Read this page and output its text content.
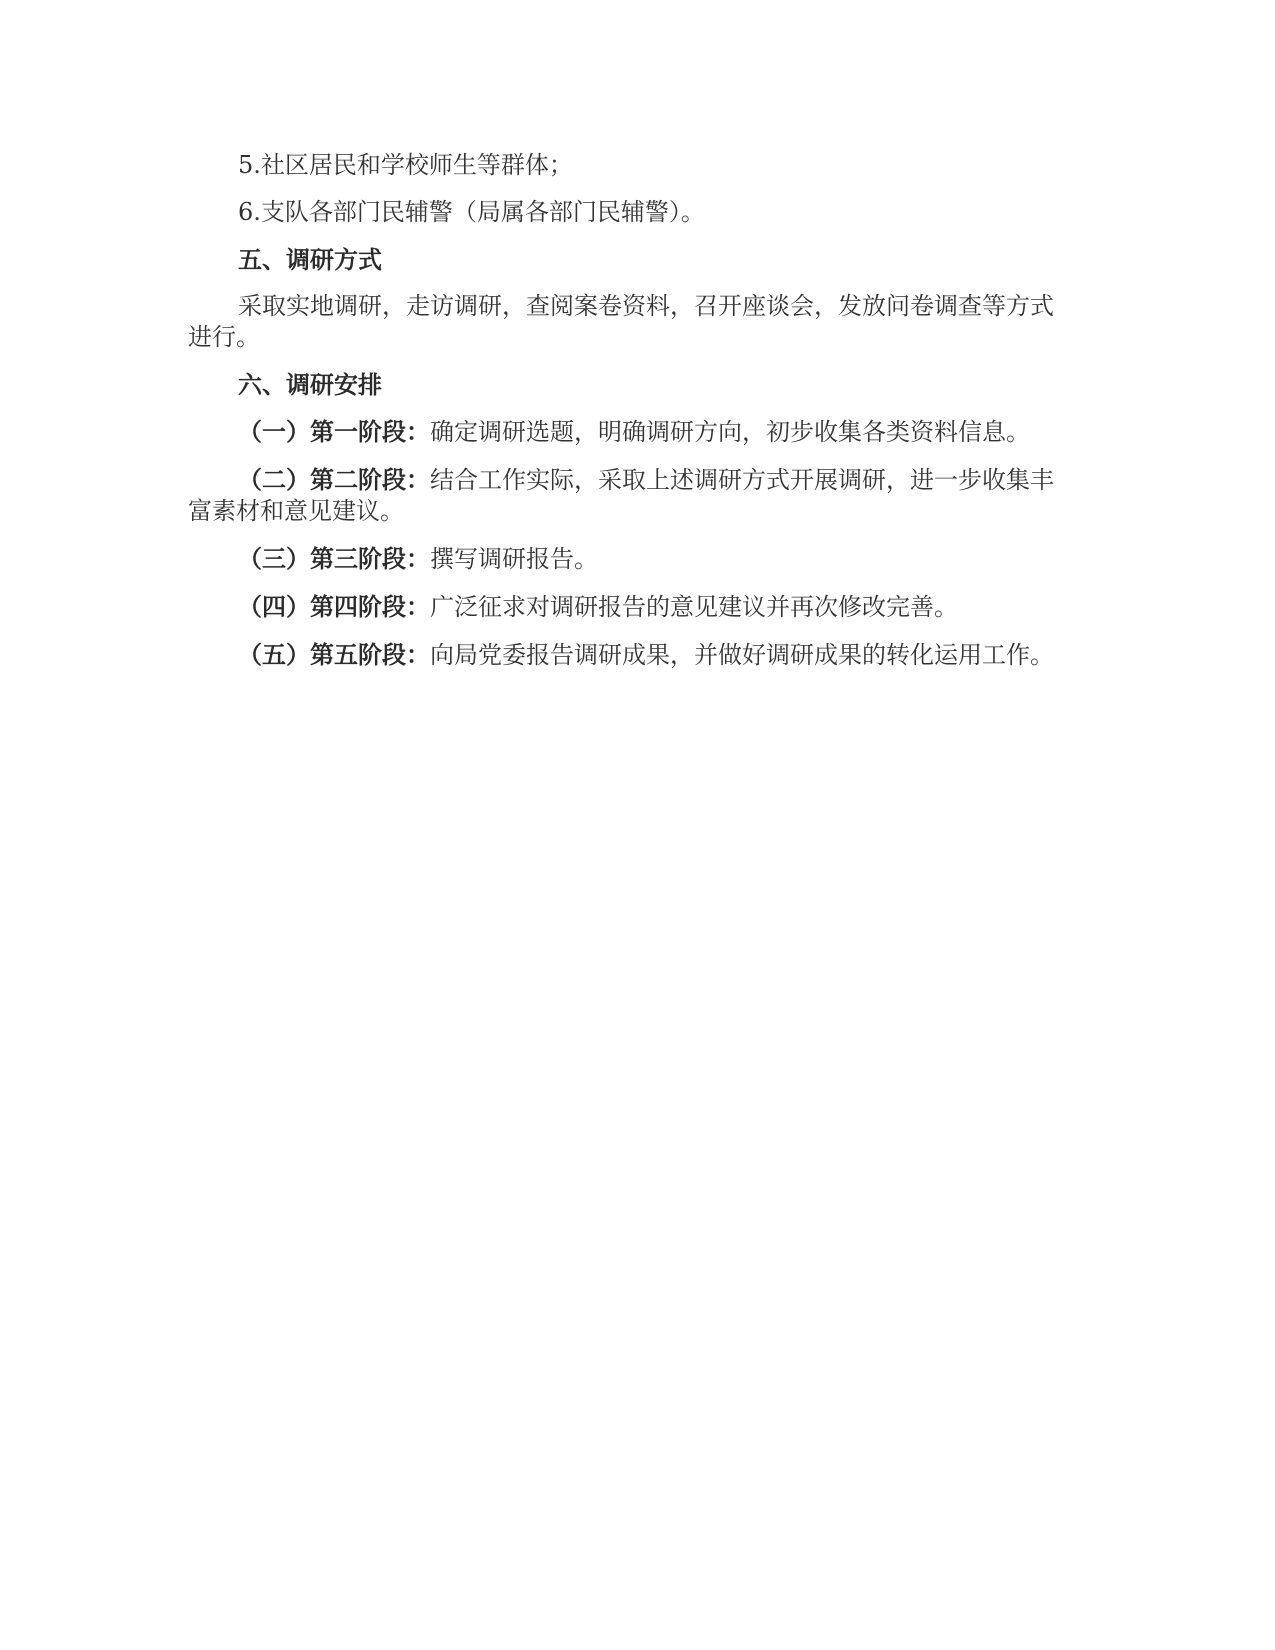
5.社区居民和学校师生等群体；

6.支队各部门民辅警（局属各部门民辅警）。

五、调研方式

采取实地调研，走访调研，查阅案卷资料，召开座谈会，发放问卷调查等方式进行。

六、调研安排

（一）第一阶段：确定调研选题，明确调研方向，初步收集各类资料信息。

（二）第二阶段：结合工作实际，采取上述调研方式开展调研，进一步收集丰富素材和意见建议。

（三）第三阶段：撰写调研报告。

（四）第四阶段：广泛征求对调研报告的意见建议并再次修改完善。

（五）第五阶段：向局党委报告调研成果，并做好调研成果的转化运用工作。
